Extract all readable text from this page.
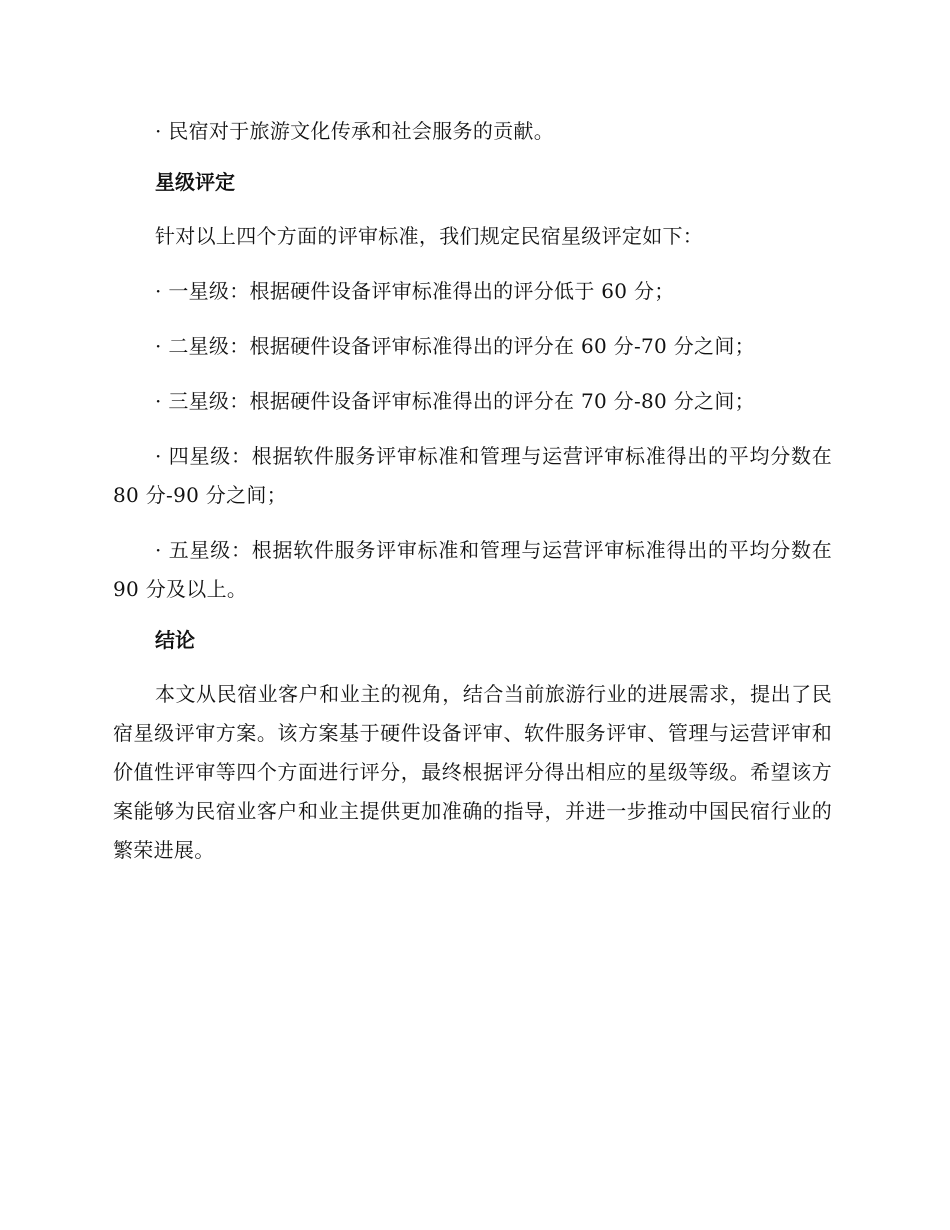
· 民宿对于旅游文化传承和社会服务的贡献。

星级评定

针对以上四个方面的评审标准，我们规定民宿星级评定如下：

· 一星级：根据硬件设备评审标准得出的评分低于 60 分；

· 二星级：根据硬件设备评审标准得出的评分在 60 分-70 分之间；

· 三星级：根据硬件设备评审标准得出的评分在 70 分-80 分之间；

· 四星级：根据软件服务评审标准和管理与运营评审标准得出的平均分数在 80 分-90 分之间；

· 五星级：根据软件服务评审标准和管理与运营评审标准得出的平均分数在 90 分及以上。

结论

本文从民宿业客户和业主的视角，结合当前旅游行业的进展需求，提出了民宿星级评审方案。该方案基于硬件设备评审、软件服务评审、管理与运营评审和价值性评审等四个方面进行评分，最终根据评分得出相应的星级等级。希望该方案能够为民宿业客户和业主提供更加准确的指导，并进一步推动中国民宿行业的繁荣进展。
